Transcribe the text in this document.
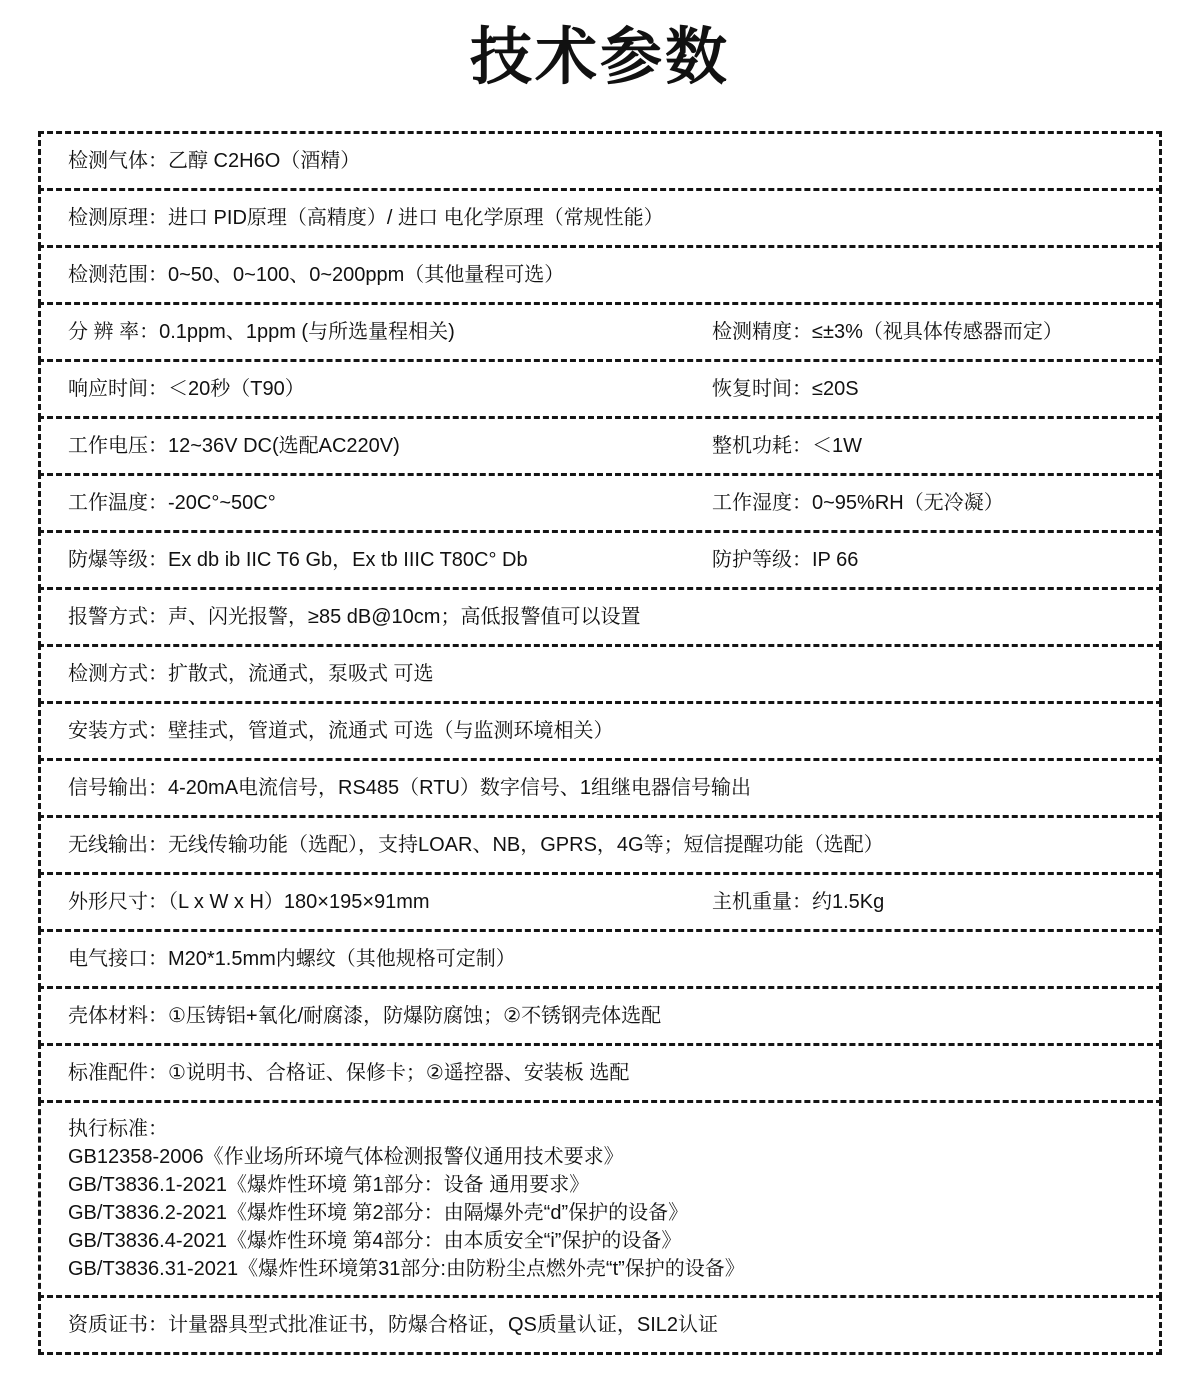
技术参数
检测气体：乙醇 C2H6O（酒精）
检测原理：进口 PID原理（高精度）/ 进口 电化学原理（常规性能）
检测范围：0~50、0~100、0~200ppm（其他量程可选）
分 辨 率：0.1ppm、1ppm (与所选量程相关)	检测精度：≤±3%（视具体传感器而定）
响应时间：＜20秒（T90）	恢复时间：≤20S
工作电压：12~36V DC(选配AC220V)	整机功耗：＜1W
工作温度：-20C°~50C°	工作湿度：0~95%RH（无冷凝）
防爆等级：Ex db ib IIC T6 Gb，Ex tb IIIC T80C° Db	防护等级：IP 66
报警方式：声、闪光报警，≥85 dB@10cm；高低报警值可以设置
检测方式：扩散式，流通式，泵吸式 可选
安装方式：壁挂式，管道式，流通式 可选（与监测环境相关）
信号输出：4-20mA电流信号，RS485（RTU）数字信号、1组继电器信号输出
无线输出：无线传输功能（选配），支持LOAR、NB，GPRS，4G等；短信提醒功能（选配）
外形尺寸：（L x W x H）180×195×91mm	主机重量：约1.5Kg
电气接口：M20*1.5mm内螺纹（其他规格可定制）
壳体材料：①压铸铝+氧化/耐腐漆，防爆防腐蚀；②不锈钢壳体选配
标准配件：①说明书、合格证、保修卡；②遥控器、安装板 选配
执行标准：
GB12358-2006《作业场所环境气体检测报警仪通用技术要求》
GB/T3836.1-2021《爆炸性环境 第1部分：设备 通用要求》
GB/T3836.2-2021《爆炸性环境 第2部分：由隔爆外壳“d”保护的设备》
GB/T3836.4-2021《爆炸性环境 第4部分：由本质安全“i”保护的设备》
GB/T3836.31-2021《爆炸性环境第31部分:由防粉尘点燃外壳“t”保护的设备》
资质证书：计量器具型式批准证书，防爆合格证，QS质量认证，SIL2认证
